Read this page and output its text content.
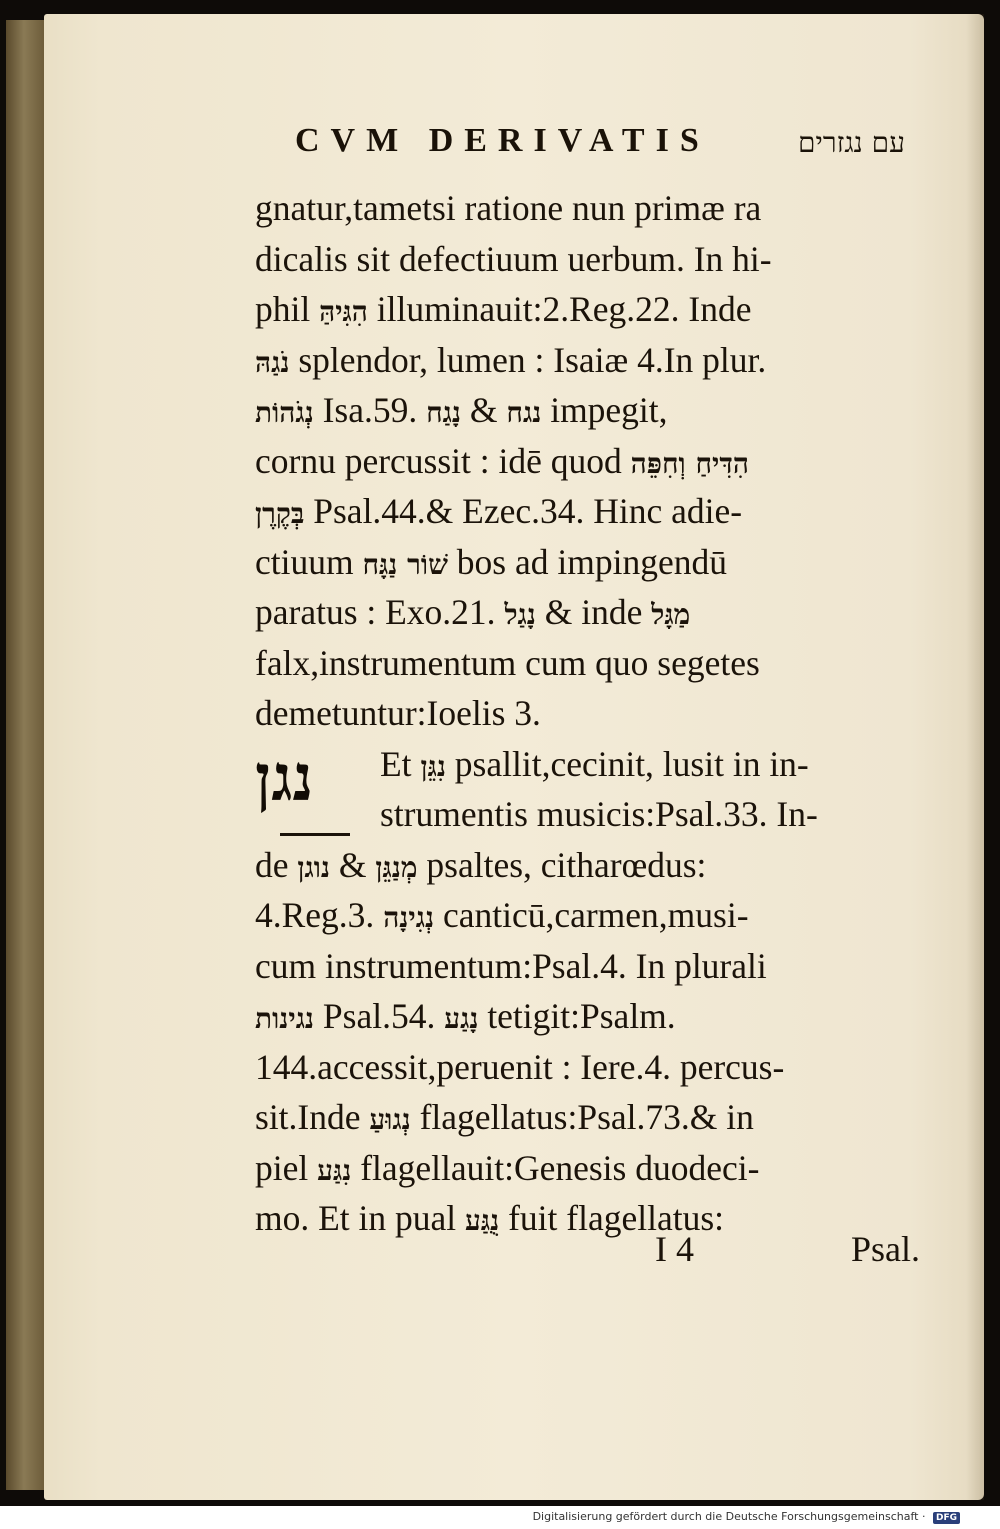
CVM DERIVATIS	עם נגזרים
gnatur,tametsi ratione nun primæ ra
dicalis sit defectiuum uerbum. In hi-
phil הִגִּיהַּ illuminauit:2.Reg.22. Inde
נֹגַהּ splendor, lumen : Isaiæ 4.In plur.
נְגֹהוֹת Isa.59. נָגַח & נגח impegit,
cornu percussit : idē quod הִדִּיחַ וְחִפֵּה
בְּקֶרֶן Psal.44.& Ezec.34. Hinc adie-
ctiuum שׁוֹר נַגָּח bos ad impingendū
paratus : Exo.21. נָגַל & inde מַגָּל
falx,instrumentum cum quo segetes
demetuntur:Ioelis 3.
נגן Et נִגֵּן psallit,cecinit, lusit in in-
strumentis musicis:Psal.33. In-
de נוגן & מְנַגֵּן psaltes, citharœdus:
4.Reg.3. נְגִינָה canticū,carmen,musi-
cum instrumentum:Psal.4. In plurali
נגינות Psal.54. נָגַע tetigit:Psalm.
144.accessit,peruenit : Iere.4. percus-
sit.Inde נְגוּעַ flagellatus:Psal.73.& in
piel נִגַּע flagellauit:Genesis duodeci-
mo. Et in pual נֻגַּע fuit flagellatus:
I 4	Psal.
Digitalisierung gefördert durch die Deutsche Forschungsgemeinschaft · DFG
